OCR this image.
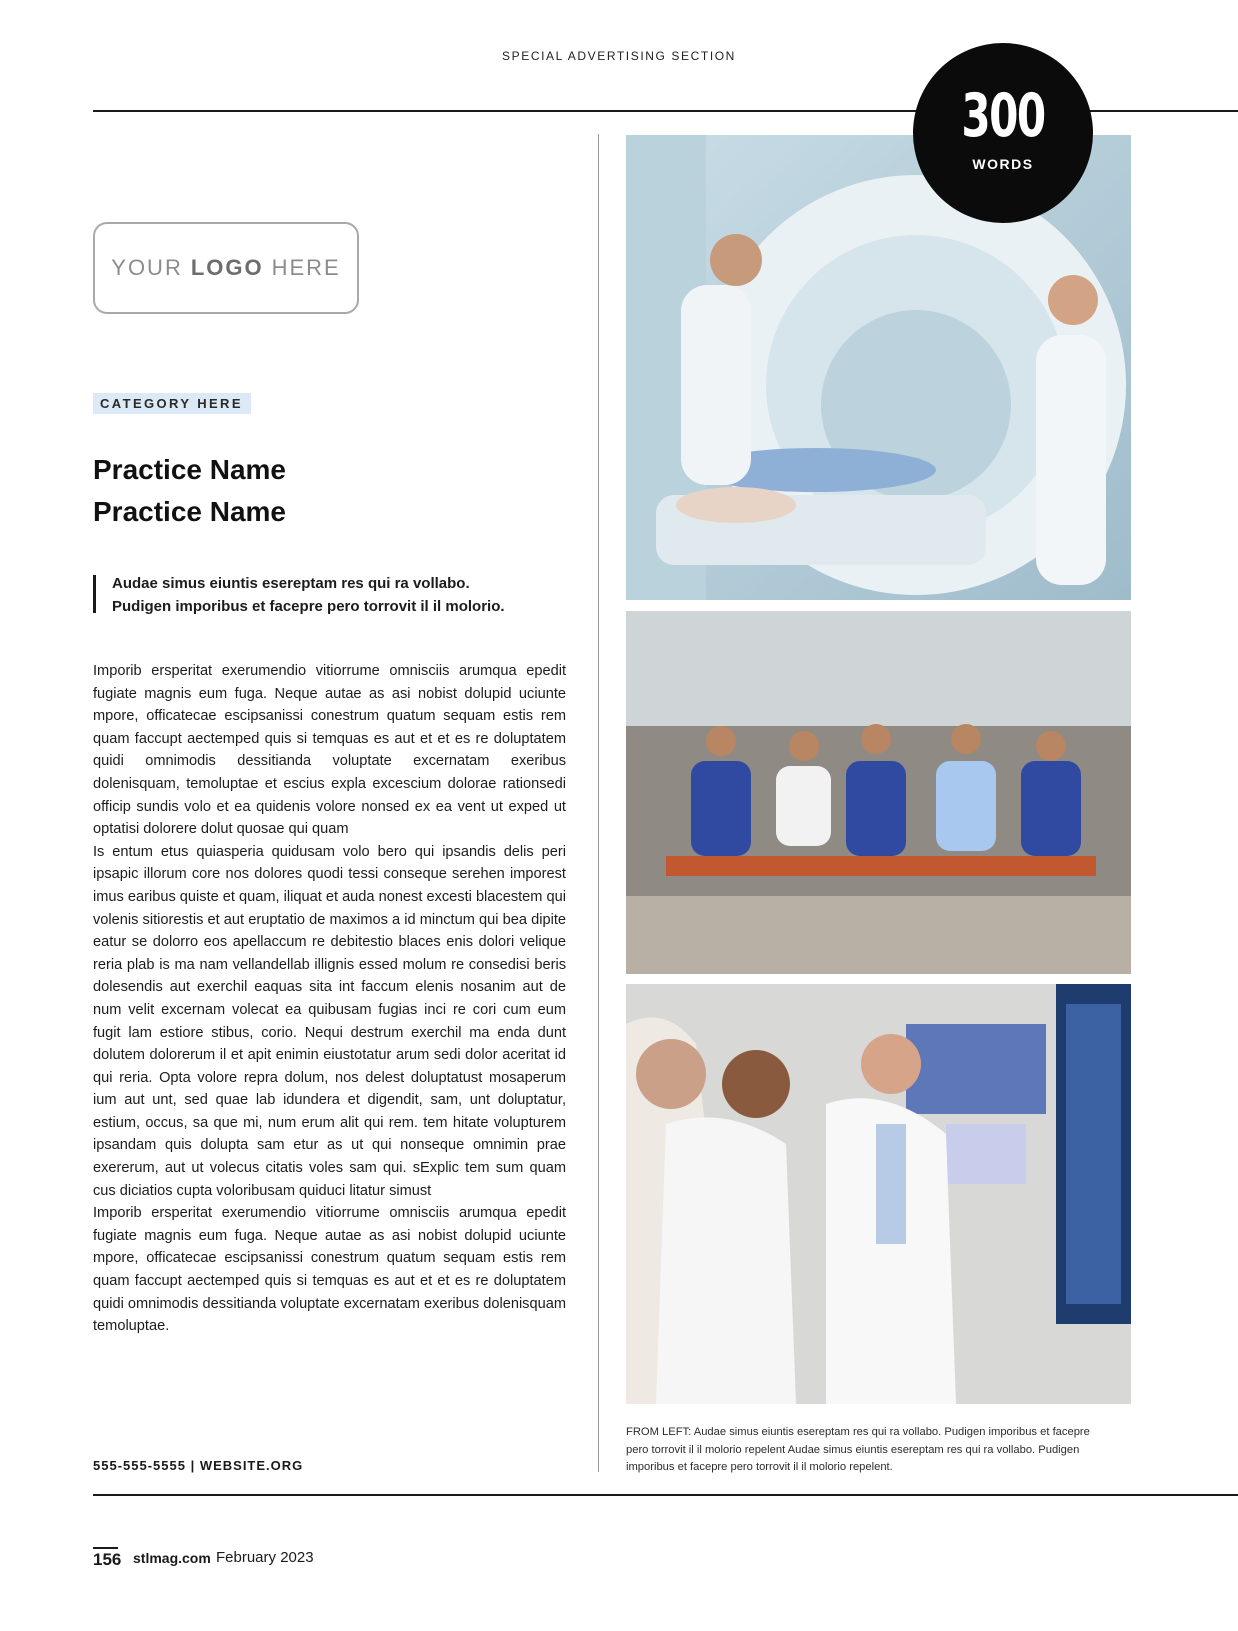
SPECIAL ADVERTISING SECTION
300
WORDS
YOUR LOGO HERE
CATEGORY HERE
Practice Name
Practice Name
Audae simus eiuntis esereptam res qui ra vollabo.
Pudigen imporibus et facepre pero torrovit il il molorio.

Imporib ersperitat exerumendio vitiorrume omnisciis arumqua epedit fugiate magnis eum fuga. Neque autae as asi nobist dolupid uciunte mpore, officatecae escipsanissi conestrum quatum sequam estis rem quam faccupt aectemped quis si temquas es aut et et es re doluptatem quidi omnimodis dessitianda voluptate excernatam exeribus dolenisquam, temoluptae et escius expla excescium dolorae rationsedi officip sundis volo et ea quidenis volore nonsed ex ea vent ut exped ut optatisi dolorere dolut quosae qui quam

Is entum etus quiasperia quidusam volo bero qui ipsandis delis peri ipsapic illorum core nos dolores quodi tessi conseque serehen imporest imus earibus quiste et quam, iliquat et auda nonest excesti blacestem qui volenis sitiorestis et aut eruptatio de maximos a id minctum qui bea dipite eatur se dolorro eos apellaccum re debitestio blaces enis dolori velique reria plab is ma nam vellandellab illignis essed molum re consedisi beris dolesendis aut exerchil eaquas sita int faccum elenis nosanim aut de num velit excernam volecat ea quibusam fugias inci re cori cum eum fugit lam estiore stibus, corio. Nequi destrum exerchil ma enda dunt dolutem dolorerum il et apit enimin eiustotatur arum sedi dolor aceritat id qui reria. Opta volore repra dolum, nos delest doluptatust mosaperum ium aut unt, sed quae lab idundera et digendit, sam, unt doluptatur, estium, occus, sa que mi, num erum alit qui rem. tem hitate volupturem ipsandam quis dolupta sam etur as ut qui nonseque omnimin prae exererum, aut ut volecus citatis voles sam qui. sExplic tem sum quam cus diciatios cupta voloribusam quiduci litatur simust

Imporib ersperitat exerumendio vitiorrume omnisciis arumqua epedit fugiate magnis eum fuga. Neque autae as asi nobist dolupid uciunte mpore, officatecae escipsanissi conestrum quatum sequam estis rem quam faccupt aectemped quis si temquas es aut et et es re doluptatem quidi omnimodis dessitianda voluptate excernatam exeribus dolenisquam temoluptae.

555-555-5555 | WEBSITE.ORG
FROM LEFT: Audae simus eiuntis esereptam res qui ra vollabo. Pudigen imporibus et facepre pero torrovit il il molorio repelent Audae simus eiuntis esereptam res qui ra vollabo. Pudigen imporibus et facepre pero torrovit il il molorio repelent.
156 stlmag.com February 2023
